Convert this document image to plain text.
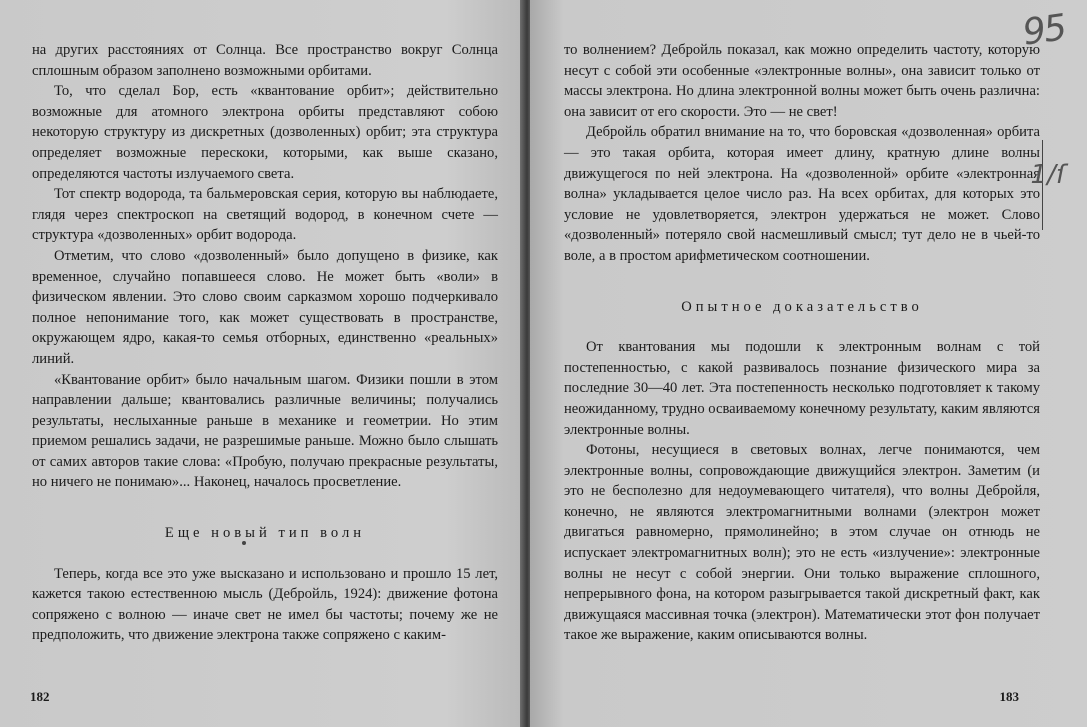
на других расстояниях от Солнца. Все пространство вокруг Солнца сплошным образом заполнено возможными орбитами.

То, что сделал Бор, есть «квантование орбит»; действительно возможные для атомного электрона орбиты представляют собою некоторую структуру из дискретных (дозволенных) орбит; эта структура определяет возможные перескоки, которыми, как выше сказано, определяются частоты излучаемого света.

Тот спектр водорода, та бальмеровская серия, которую вы наблюдаете, глядя через спектроскоп на светящий водород, в конечном счете — структура «дозволенных» орбит водорода.

Отметим, что слово «дозволенный» было допущено в физике, как временное, случайно попавшееся слово. Не может быть «воли» в физическом явлении. Это слово своим сарказмом хорошо подчеркивало полное непонимание того, как может существовать в пространстве, окружающем ядро, какая-то семья отборных, единственно «реальных» линий.

«Квантование орбит» было начальным шагом. Физики пошли в этом направлении дальше; квантовались различные величины; получались результаты, неслыханные раньше в механике и геометрии. Но этим приемом решались задачи, не разрешимые раньше. Можно было слышать от самих авторов такие слова: «Пробую, получаю прекрасные результаты, но ничего не понимаю»... Наконец, началось просветление.

Еще новый тип волн

Теперь, когда все это уже высказано и использовано и прошло 15 лет, кажется такою естественною мысль (Дебройль, 1924): движение фотона сопряжено с волною — иначе свет не имел бы частоты; почему же не предположить, что движение электрона также сопряжено с каким-

182

то волнением? Дебройль показал, как можно определить частоту, которую несут с собой эти особенные «электронные волны», она зависит только от массы электрона. Но длина электронной волны может быть очень различна: она зависит от его скорости. Это — не свет!

Дебройль обратил внимание на то, что боровская «дозволенная» орбита — это такая орбита, которая имеет длину, кратную длине волны движущегося по ней электрона. На «дозволенной» орбите «электронная волна» укладывается целое число раз. На всех орбитах, для которых это условие не удовлетворяется, электрон удержаться не может. Слово «дозволенный» потеряло свой насмешливый смысл; тут дело не в чьей-то воле, а в простом арифметическом соотношении.

Опытное доказательство

От квантования мы подошли к электронным волнам с той постепенностью, с какой развивалось познание физического мира за последние 30—40 лет. Эта постепенность несколько подготовляет к такому неожиданному, трудно осваиваемому конечному результату, каким являются электронные волны.

Фотоны, несущиеся в световых волнах, легче понимаются, чем электронные волны, сопровождающие движущийся электрон. Заметим (и это не бесполезно для недоумевающего читателя), что волны Дебройля, конечно, не являются электромагнитными волнами (электрон может двигаться равномерно, прямолинейно; в этом случае он отнюдь не испускает электромагнитных волн); это не есть «излучение»: электронные волны не несут с собой энергии. Они только выражение сплошного, непрерывного фона, на котором разыгрывается такой дискретный факт, как движущаяся массивная точка (электрон). Математически этот фон получает такое же выражение, каким описываются волны.

95
1/ſ
183
